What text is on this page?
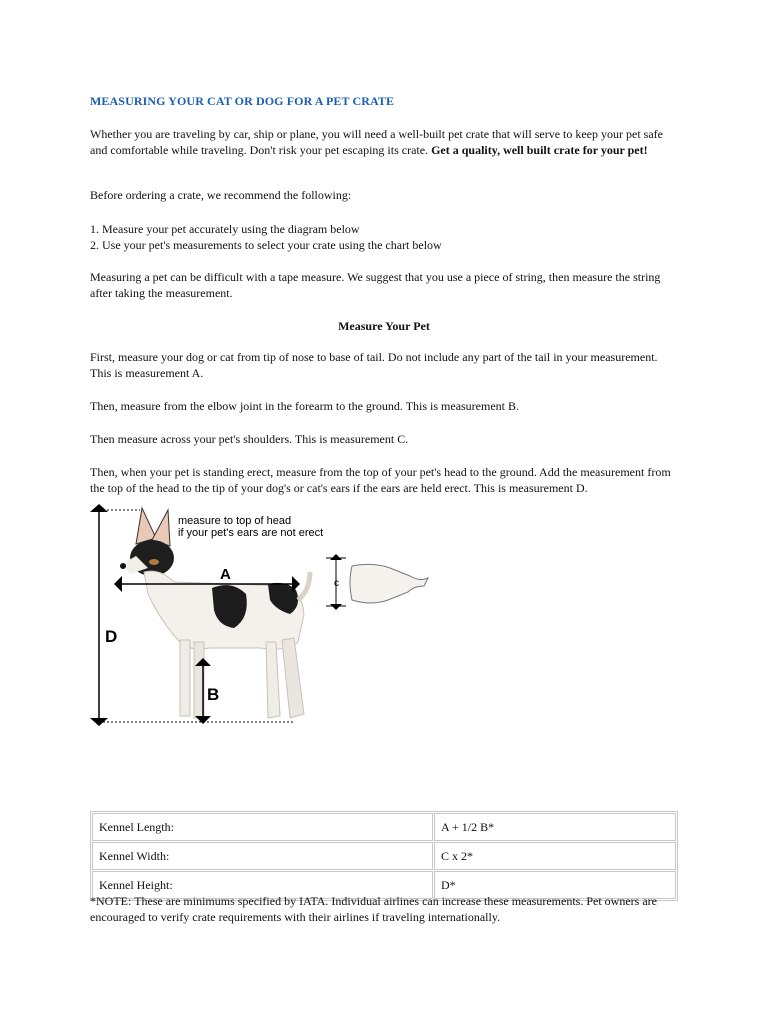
MEASURING YOUR CAT OR DOG FOR A PET CRATE

Whether you are traveling by car, ship or plane, you will need a well-built pet crate that will serve to keep your pet safe and comfortable while traveling. Don't risk your pet escaping its crate. Get a quality, well built crate for your pet!

Before ordering a crate, we recommend the following:

1. Measure your pet accurately using the diagram below

2. Use your pet's measurements to select your crate using the chart below

Measuring a pet can be difficult with a tape measure. We suggest that you use a piece of string, then measure the string after taking the measurement.

Measure Your Pet

First, measure your dog or cat from tip of nose to base of tail. Do not include any part of the tail in your measurement. This is measurement A.

Then, measure from the elbow joint in the forearm to the ground. This is measurement B.

Then measure across your pet's shoulders. This is measurement C.

Then, when your pet is standing erect, measure from the top of your pet's head to the ground. Add the measurement from the top of the head to the tip of your dog's or cat's ears if the ears are held erect. This is measurement D.

D
A
B
measure to top of head
if your pet's ears are not erect
c
Kennel Length:	A + 1/2 B*
Kennel Width:	C x 2*
Kennel Height:	D*

*NOTE: These are minimums specified by IATA. Individual airlines can increase these measurements. Pet owners are encouraged to verify crate requirements with their airlines if traveling internationally.
